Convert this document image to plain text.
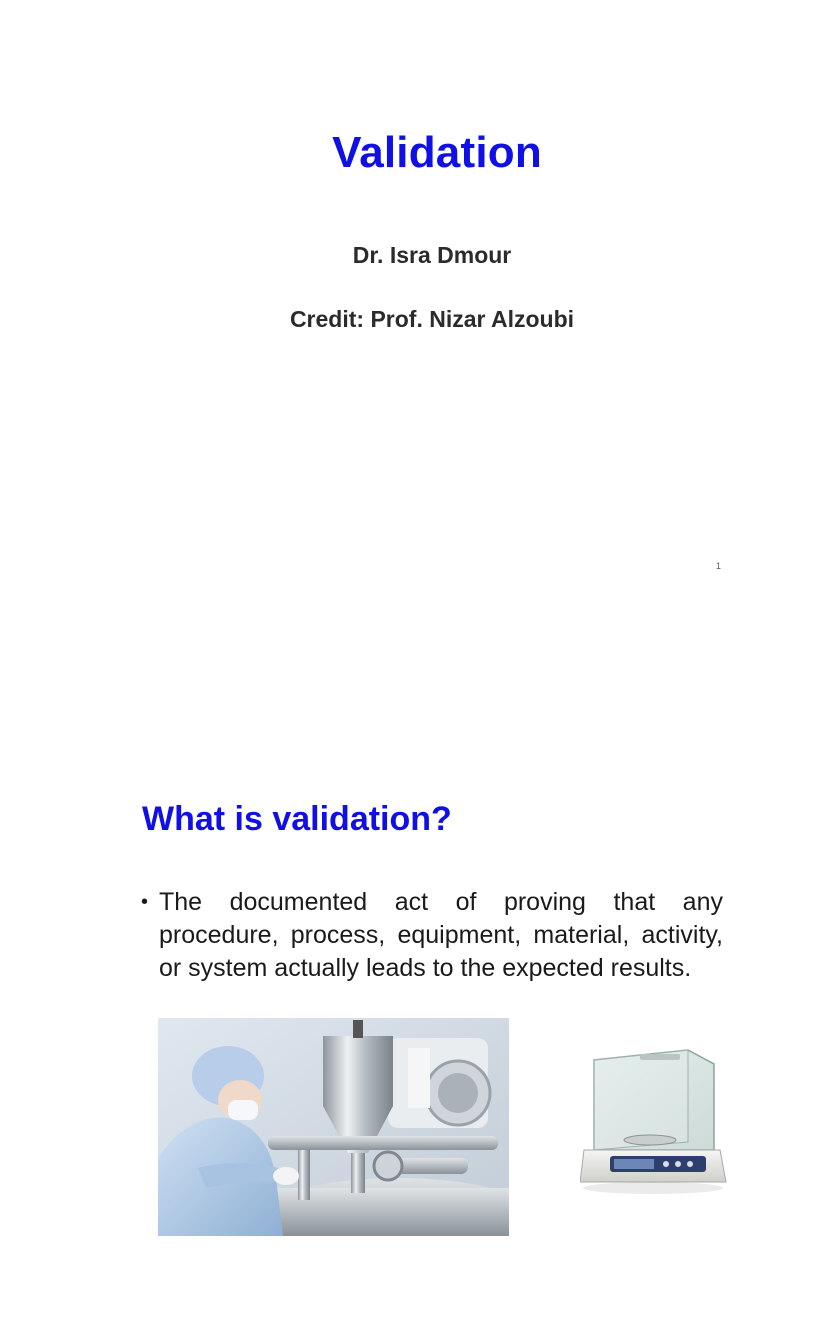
Validation
Dr. Isra Dmour
Credit: Prof. Nizar Alzoubi
1
What is validation?
• The documented act of proving that any procedure, process, equipment, material, activity, or system actually leads to the expected results.
